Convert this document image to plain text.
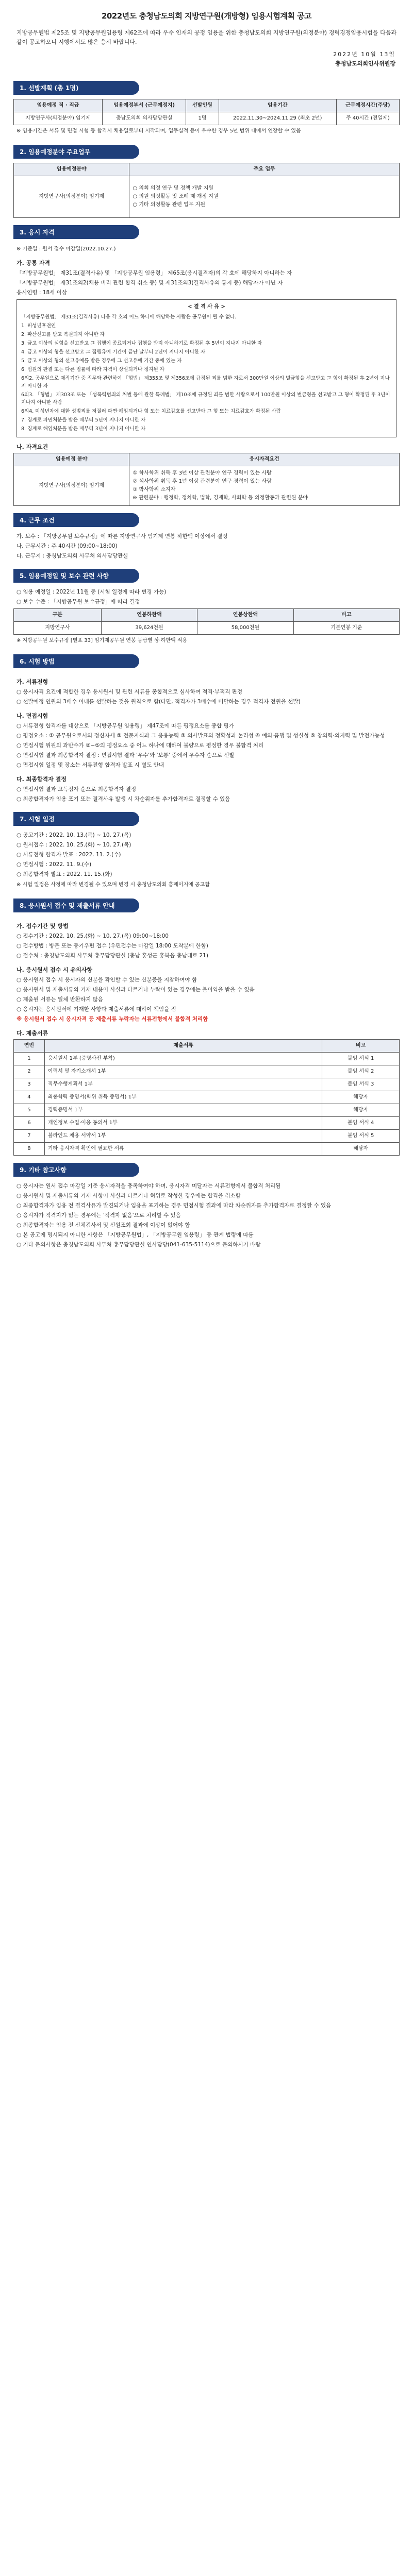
2022년도 충청남도의회 지방연구원(개방형) 임용시험계획 공고
지방공무원법 제25조 및 지방공무원임용령 제62조에 따라 우수 인재의 공정 임용을 위한 충청남도의회 지방연구원(의정분야) 경력경쟁임용시험을 다음과 같이 공고하오니 시행에서도 많은 응시 바랍니다.
2022년 10월 13일
충청남도의회인사위원장
1. 선발계획 (총 1명)
임용예정 직 · 직급	임용예정부서 (근무예정지)	선발인원	임용기간	근무예정시간(주당)
지방연구사(의정분야) 임기제	충남도의회 의사담당관실	1명	2022.11.30~2024.11.29 (최초 2년)	주 40시간 (전일제)
※ 임용기간은 서류 및 면접 시험 등 합격시 채용일로부터 시작되며, 업무실적 등이 우수한 경우 5년 범위 내에서 연장할 수 있음
2. 임용예정분야 주요업무
임용예정분야	주요 업무
지방연구사(의정분야) 임기제	○ 의회 의정 연구 및 정책 개발 지원
○ 의원 의정활동 및 조례 제·개정 지원
○ 기타 의정활동 관련 업무 지원
3. 응시 자격
※ 기준일 : 원서 접수 마감일(2022.10.27.)
가. 공통 자격
「지방공무원법」 제31조(결격사유) 및 「지방공무원 임용령」 제65조(응시결격자)의 각 호에 해당하지 아니하는 자
「지방공무원법」 제31조의2(채용 비리 관련 합격 취소 등) 및 제31조의3(결격사유의 통지 등) 해당자가 아닌 자
응시연령 : 18세 이상
< 결 격 사 유 >
「지방공무원법」 제31조(결격사유) 다음 각 호의 어느 하나에 해당하는 사람은 공무원이 될 수 없다.
1. 피성년후견인
2. 파산선고를 받고 복권되지 아니한 자
3. 금고 이상의 실형을 선고받고 그 집행이 종료되거나 집행을 받지 아니하기로 확정된 후 5년이 지나지 아니한 자
4. 금고 이상의 형을 선고받고 그 집행유예 기간이 끝난 날부터 2년이 지나지 아니한 자
5. 금고 이상의 형의 선고유예를 받은 경우에 그 선고유예 기간 중에 있는 자
6. 법원의 판결 또는 다른 법률에 따라 자격이 상실되거나 정지된 자
6의2. 공무원으로 재직기간 중 직무와 관련하여 「형법」 제355조 및 제356조에 규정된 죄를 범한 자로서 300만원 이상의 벌금형을 선고받고 그 형이 확정된 후 2년이 지나지 아니한 자
6의3. 「형법」 제303조 또는 「성폭력범죄의 처벌 등에 관한 특례법」 제10조에 규정된 죄를 범한 사람으로서 100만원 이상의 벌금형을 선고받고 그 형이 확정된 후 3년이 지나지 아니한 사람
6의4. 미성년자에 대한 성범죄를 저질러 파면·해임되거나 형 또는 치료감호를 선고받아 그 형 또는 치료감호가 확정된 사람
7. 징계로 파면처분을 받은 때부터 5년이 지나지 아니한 자
8. 징계로 해임처분을 받은 때부터 3년이 지나지 아니한 자
나. 자격요건
임용예정 분야	응시자격요건
지방연구사(의정분야) 임기제	① 학사학위 취득 후 3년 이상 관련분야 연구 경력이 있는 사람
② 석사학위 취득 후 1년 이상 관련분야 연구 경력이 있는 사람
③ 박사학위 소지자
※ 관련분야 : 행정학, 정치학, 법학, 경제학, 사회학 등 의정활동과 관련된 분야
4. 근무 조건
가. 보수 : 「지방공무원 보수규정」에 따른 지방연구사 임기제 연봉 하한액 이상에서 결정
나. 근무시간 : 주 40시간 (09:00~18:00)
다. 근무지 : 충청남도의회 사무처 의사담당관실
5. 임용예정일 및 보수 관련 사항
○ 임용 예정일 : 2022년 11월 중 (시험 일정에 따라 변경 가능)
○ 보수 수준 : 「지방공무원 보수규정」에 따라 결정
구분	연봉하한액	연봉상한액	비고
지방연구사	39,624천원	58,000천원	기본연봉 기준
※ 지방공무원 보수규정 [별표 33] 임기제공무원 연봉 등급별 상·하한액 적용
6. 시험 방법
가. 서류전형
○ 응시자격 요건에 적합한 경우 응시원서 및 관련 서류를 종합적으로 심사하여 적격·부적격 판정
○ 선발예정 인원의 3배수 이내를 선발하는 것을 원칙으로 함(다만, 적격자가 3배수에 미달하는 경우 적격자 전원을 선발)
나. 면접시험
○ 서류전형 합격자를 대상으로 「지방공무원 임용령」 제47조에 따른 평정요소를 종합 평가
○ 평정요소 : ① 공무원으로서의 정신자세 ② 전문지식과 그 응용능력 ③ 의사발표의 정확성과 논리성 ④ 예의·품행 및 성실성 ⑤ 창의력·의지력 및 발전가능성
○ 면접시험 위원의 과반수가 ②~⑤의 평정요소 중 어느 하나에 대하여 불량으로 평정한 경우 불합격 처리
○ 면접시험 결과 최종합격자 결정 : 면접시험 결과 '우수'와 '보통' 중에서 우수자 순으로 선발
○ 면접시험 일정 및 장소는 서류전형 합격자 발표 시 별도 안내
다. 최종합격자 결정
○ 면접시험 결과 고득점자 순으로 최종합격자 결정
○ 최종합격자가 임용 포기 또는 결격사유 발생 시 차순위자를 추가합격자로 결정할 수 있음
7. 시험 일정
○ 공고기간 : 2022. 10. 13.(목) ~ 10. 27.(목)
○ 원서접수 : 2022. 10. 25.(화) ~ 10. 27.(목)
○ 서류전형 합격자 발표 : 2022. 11. 2.(수)
○ 면접시험 : 2022. 11. 9.(수)
○ 최종합격자 발표 : 2022. 11. 15.(화)
※ 시험 일정은 사정에 따라 변경될 수 있으며 변경 시 충청남도의회 홈페이지에 공고함
8. 응시원서 접수 및 제출서류 안내
가. 접수기간 및 방법
○ 접수기간 : 2022. 10. 25.(화) ~ 10. 27.(목) 09:00~18:00
○ 접수방법 : 방문 또는 등기우편 접수 (우편접수는 마감일 18:00 도착분에 한함)
○ 접수처 : 충청남도의회 사무처 총무담당관실 (충남 홍성군 홍북읍 충남대로 21)
나. 응시원서 접수 시 유의사항
○ 응시원서 접수 시 응시자의 신분을 확인할 수 있는 신분증을 지참하여야 함
○ 응시원서 및 제출서류의 기재 내용이 사실과 다르거나 누락이 있는 경우에는 불이익을 받을 수 있음
○ 제출된 서류는 일체 반환하지 않음
○ 응시자는 응시원서에 기재한 사항과 제출서류에 대하여 책임을 짐
※ 응시원서 접수 시 응시자격 등 제출서류 누락자는 서류전형에서 불합격 처리함
다. 제출서류
연번	제출서류	비고
1	응시원서 1부 (증명사진 부착)	붙임 서식 1
2	이력서 및 자기소개서 1부	붙임 서식 2
3	직무수행계획서 1부	붙임 서식 3
4	최종학력 증명서(학위 취득 증명서) 1부	해당자
5	경력증명서 1부	해당자
6	개인정보 수집·이용 동의서 1부	붙임 서식 4
7	블라인드 채용 서약서 1부	붙임 서식 5
8	기타 응시자격 확인에 필요한 서류	해당자
9. 기타 참고사항
○ 응시자는 원서 접수 마감일 기준 응시자격을 충족하여야 하며, 응시자격 미달자는 서류전형에서 불합격 처리됨
○ 응시원서 및 제출서류의 기재 사항이 사실과 다르거나 허위로 작성한 경우에는 합격을 취소함
○ 최종합격자가 임용 전 결격사유가 발견되거나 임용을 포기하는 경우 면접시험 결과에 따라 차순위자를 추가합격자로 결정할 수 있음
○ 응시자가 적격자가 없는 경우에는 '적격자 없음'으로 처리할 수 있음
○ 최종합격자는 임용 전 신체검사서 및 신원조회 결과에 이상이 없어야 함
○ 본 공고에 명시되지 아니한 사항은 「지방공무원법」, 「지방공무원 임용령」 등 관계 법령에 따름
○ 기타 문의사항은 충청남도의회 사무처 총무담당관실 인사담당(041-635-5114)으로 문의하시기 바람
